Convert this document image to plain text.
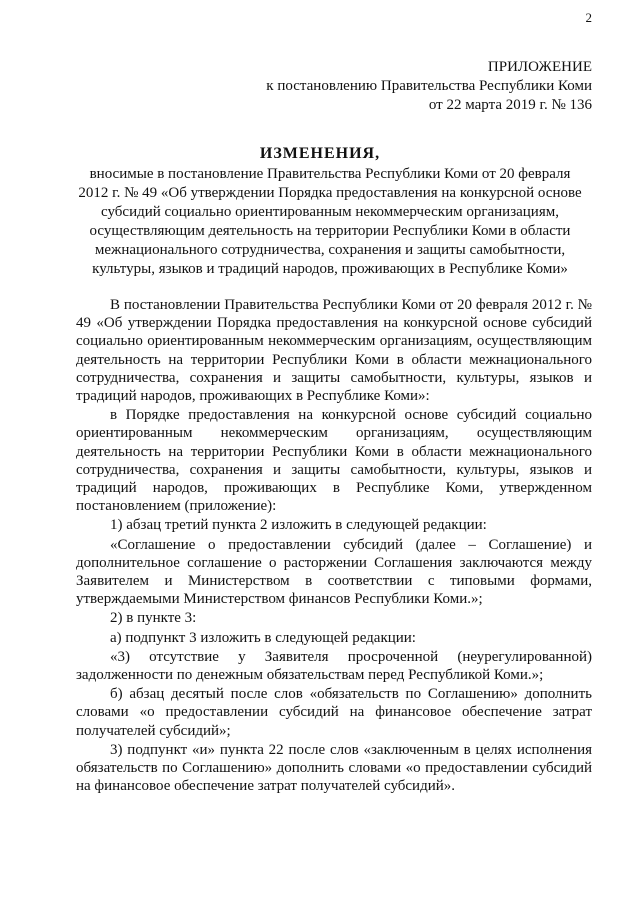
2
ПРИЛОЖЕНИЕ
к постановлению Правительства Республики Коми
от 22 марта 2019 г. № 136
ИЗМЕНЕНИЯ,
вносимые в постановление Правительства Республики Коми от 20 февраля
2012 г. № 49 «Об утверждении Порядка предоставления на конкурсной основе
субсидий социально ориентированным некоммерческим организациям,
осуществляющим деятельность на территории Республики Коми в области
межнационального сотрудничества, сохранения и защиты самобытности,
культуры, языков и традиций народов, проживающих в Республике Коми»

В постановлении Правительства Республики Коми от 20 февраля 2012 г. № 49 «Об утверждении Порядка предоставления на конкурсной основе субсидий социально ориентированным некоммерческим организациям, осуществляющим деятельность на территории Республики Коми в области межнационального сотрудничества, сохранения и защиты самобытности, культуры, языков и традиций народов, проживающих в Республике Коми»:

в Порядке предоставления на конкурсной основе субсидий социально ориентированным некоммерческим организациям, осуществляющим деятельность на территории Республики Коми в области межнационального сотрудничества, сохранения и защиты самобытности, культуры, языков и традиций народов, проживающих в Республике Коми, утвержденном постановлением (приложение):

1) абзац третий пункта 2 изложить в следующей редакции:

«Соглашение о предоставлении субсидий (далее – Соглашение) и дополнительное соглашение о расторжении Соглашения заключаются между Заявителем и Министерством в соответствии с типовыми формами, утверждаемыми Министерством финансов Республики Коми.»;

2) в пункте 3:

а) подпункт 3 изложить в следующей редакции:

«3) отсутствие у Заявителя просроченной (неурегулированной) задолженности по денежным обязательствам перед Республикой Коми.»;

б) абзац десятый после слов «обязательств по Соглашению» дополнить словами «о предоставлении субсидий на финансовое обеспечение затрат получателей субсидий»;

3) подпункт «и» пункта 22 после слов «заключенным в целях исполнения обязательств по Соглашению» дополнить словами «о предоставлении субсидий на финансовое обеспечение затрат получателей субсидий».
